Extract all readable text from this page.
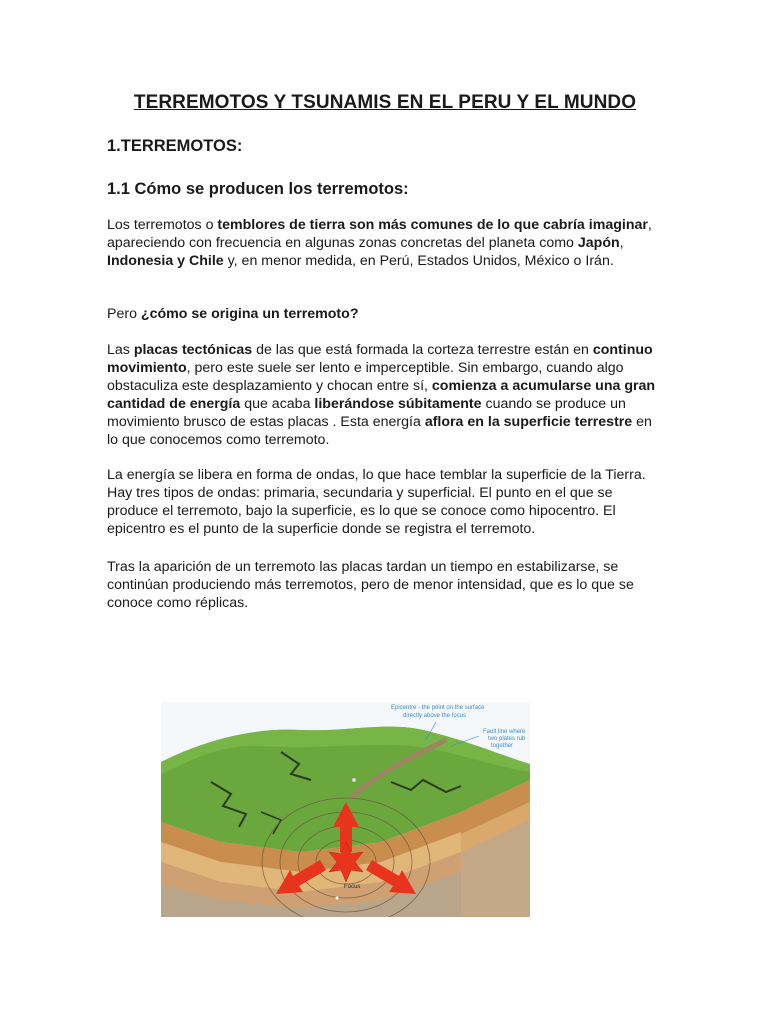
TERREMOTOS Y TSUNAMIS EN EL PERU Y EL MUNDO
1.TERREMOTOS:
1.1 Cómo se producen los terremotos:

Los terremotos o temblores de tierra son más comunes de lo que cabría imaginar, apareciendo con frecuencia en algunas zonas concretas del planeta como Japón, Indonesia y Chile y, en menor medida, en Perú, Estados Unidos, México o Irán.

Pero ¿cómo se origina un terremoto?

Las placas tectónicas de las que está formada la corteza terrestre están en continuo movimiento, pero este suele ser lento e imperceptible. Sin embargo, cuando algo obstaculiza este desplazamiento y chocan entre sí, comienza a acumularse una gran cantidad de energía que acaba liberándose súbitamente cuando se produce un movimiento brusco de estas placas . Esta energía aflora en la superficie terrestre en lo que conocemos como terremoto.

La energía se libera en forma de ondas, lo que hace temblar la superficie de la Tierra. Hay tres tipos de ondas: primaria, secundaria y superficial. El punto en el que se produce el terremoto, bajo la superficie, es lo que se conoce como hipocentro. El epicentro es el punto de la superficie donde se registra el terremoto.

Tras la aparición de un terremoto las placas tardan un tiempo en estabilizarse, se continúan produciendo más terremotos, pero de menor intensidad, que es lo que se conoce como réplicas.

Epicentre - the point on the surface
directly above the focus
Fault line where
two plates rub
together
Focus
